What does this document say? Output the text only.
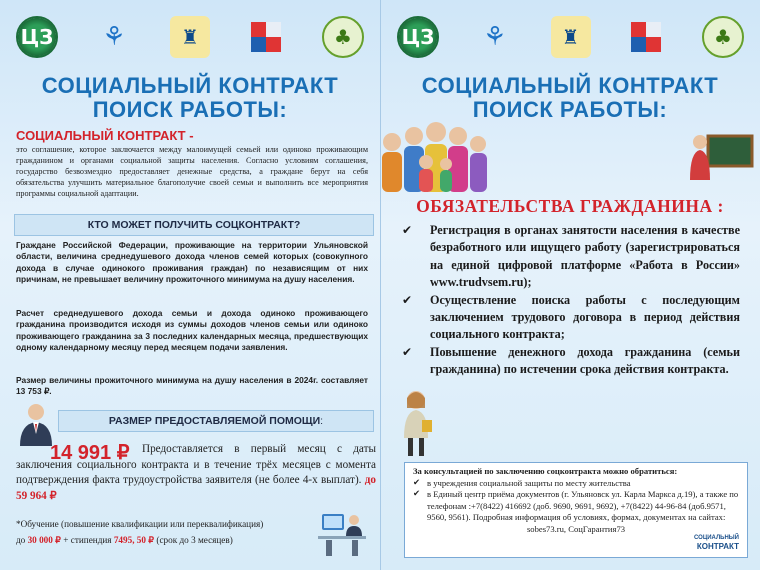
ЦЗ	⚘	♜	♣
СОЦИАЛЬНЫЙ КОНТРАКТ
ПОИСК РАБОТЫ:
СОЦИАЛЬНЫЙ КОНТРАКТ -
это соглашение, которое заключается между малоимущей семьей или одиноко проживающим гражданином и органами социальной защиты населения. Согласно условиям соглашения, государство безвозмездно предоставляет денежные средства, а граждане берут на себя обязательства улучшить материальное благополучие своей семьи и выполнить все мероприятия программы социальной адаптации.
КТО МОЖЕТ ПОЛУЧИТЬ СОЦКОНТРАКТ?
Граждане Российской Федерации, проживающие на территории Ульяновской области, величина среднедушевого дохода членов семей которых (совокупного дохода в случае одинокого проживания граждан) по независящим от них причинам, не превышает величину прожиточного минимума на душу населения.
Расчет среднедушевого дохода семьи и дохода одиноко проживающего гражданина производится исходя из суммы доходов членов семьи или одиноко проживающего гражданина за 3 последних календарных месяца, предшествующих одному календарному месяцу перед месяцем подачи заявления.
Размер величины прожиточного минимума на душу населения в 2024г. составляет 13 753 ₽.
РАЗМЕР ПРЕДОСТАВЛЯЕМОЙ ПОМОЩИ :
Предоставляется в первый месяц с даты заключения социального контракта и в течение трёх месяцев с момента подтверждения факта трудоустройства заявителя (не более 4-х выплат). до 59 964 ₽
14 991 ₽
*Обучение (повышение квалификации или переквалификация)
до 30 000 ₽ + стипендия 7495, 50 ₽ (срок до 3 месяцев)
ЦЗ	⚘	♜	♣
СОЦИАЛЬНЫЙ КОНТРАКТ
ПОИСК РАБОТЫ:
ОБЯЗАТЕЛЬСТВА ГРАЖДАНИНА :
✔ Регистрация в органах занятости населения в качестве безработного или ищущего работу (зарегистрироваться на единой цифровой платформе «Работа в России» www.trudvsem.ru);
✔ Осуществление поиска работы с последующим заключением трудового договора в период действия социального контракта;
✔ Повышение денежного дохода гражданина (семьи гражданина) по истечении срока действия контракта.
За консультацией по заключению соцконтракта можно обратиться:
✔ в учреждения социальной защиты по месту жительства
✔ в Единый центр приёма документов (г. Ульяновск ул. Карла Маркса д.19), а также по телефонам :+7(8422) 416692 (доб. 9690, 9691, 9692), +7(8422) 44-96-84 (доб.9571, 9560, 9561). Подробная информация об условиях, формах, документах на сайтах:
sobes73.ru, СоцГарантия73
СОЦИАЛЬНЫЙ
КОНТРАКТ
